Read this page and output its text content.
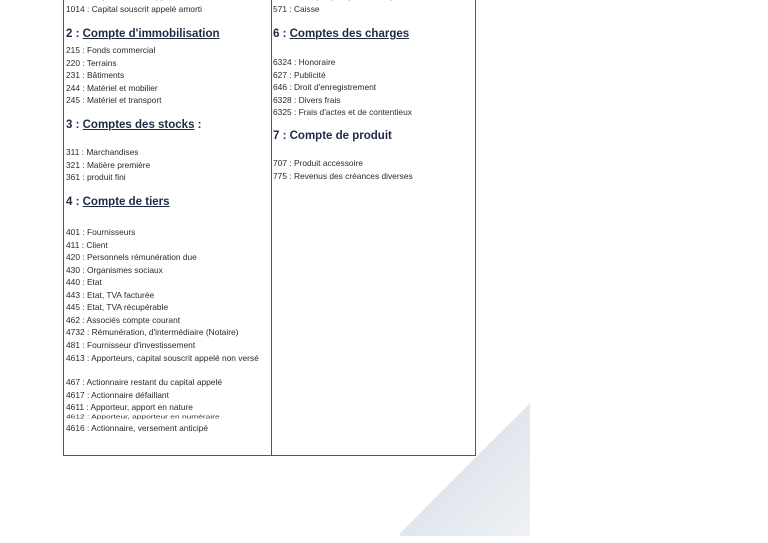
1014 : Capital souscrit appelé amorti
2 : Compte d'immobilisation
215 : Fonds commercial
220 : Terrains
231 : Bâtiments
244 : Matériel et mobilier
245 : Matériel et transport
3 : Comptes des stocks :
311 : Marchandises
321 : Matière première
361 : produit fini
4 : Compte de tiers
401 : Fournisseurs
411 : Client
420 : Personnels rémunération due
430 : Organismes sociaux
440 : Etat
443 : Etat, TVA facturée
445 : Etat, TVA récupérable
462 : Associés compte courant
4732 : Rémunération, d'intermédiaire (Notaire)
481 : Fournisseur d'investissement
4613 : Apporteurs, capital souscrit appelé non versé
467 : Actionnaire restant du capital appelé
4617 : Actionnaire défaillant
4611 : Apporteur, apport en nature
4612 : Apporteur, apporteur en numéraire
4616 : Actionnaire, versement anticipé
571 : Caisse
6 : Comptes des charges
6324 : Honoraire
627 : Publicité
646 : Droit d'enregistrement
6328 : Divers frais
6325 : Frais d'actes et de contentieux
7 : Compte de produit
707 : Produit accessoire
775 : Revenus des créances diverses
